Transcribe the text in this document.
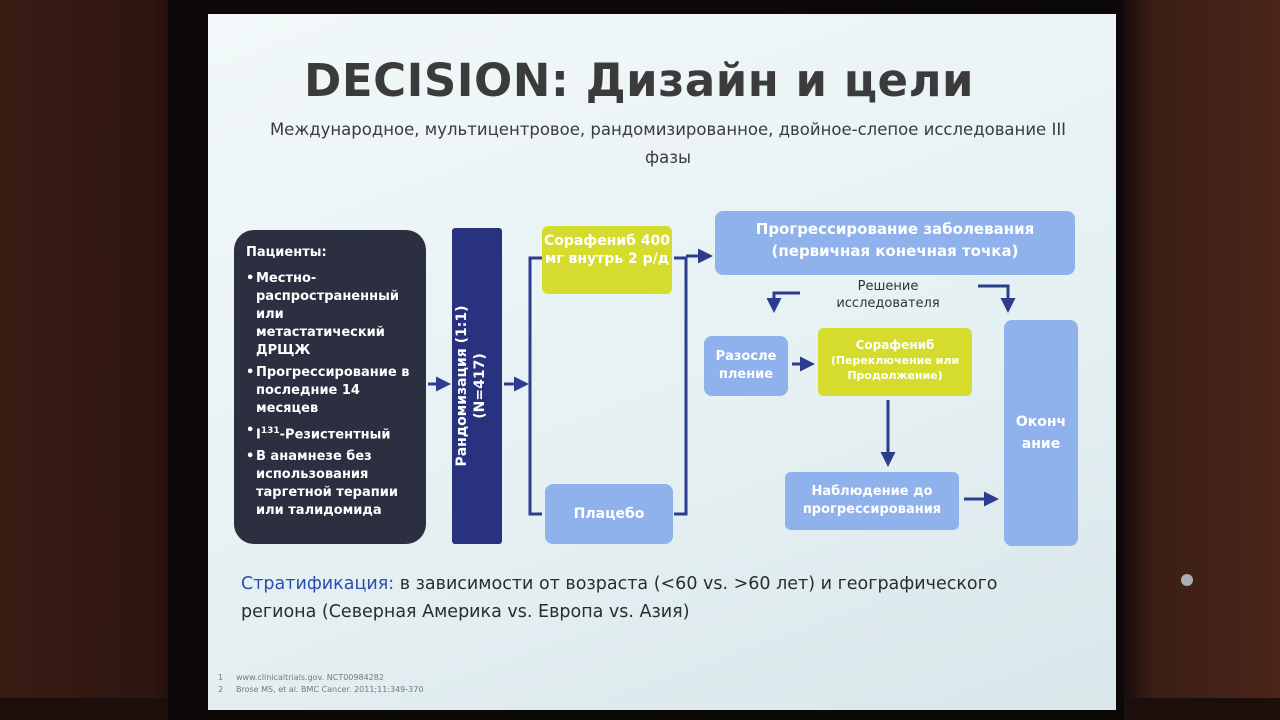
DECISION: Дизайн и цели
Международное, мультицентровое, рандомизированное, двойное-слепое исследование III фазы
Пациенты:
• Местно-распространенный или метастатический ДРЩЖ
• Прогрессирование в последние 14 месяцев
• $I^{131}$-Резистентный
• В анамнезе без использования таргетной терапии или талидомида
Рандомизация (1:1) (N=417)
Сорафениб 400 мг внутрь 2 р/д
Плацебо
Прогрессирование заболевания (первичная конечная точка)
Решение исследователя
Разосле пление
Сорафениб
(Переключение или Продолжение)
Оконч ание
Наблюдение до прогрессирования
Стратификация: в зависимости от возраста (<60 vs. >60 лет) и географического региона (Северная Америка vs. Европа vs. Азия)
1 www.clinicaltrials.gov. NCT00984282
2 Brose MS, et al. BMC Cancer. 2011;11:349-370
